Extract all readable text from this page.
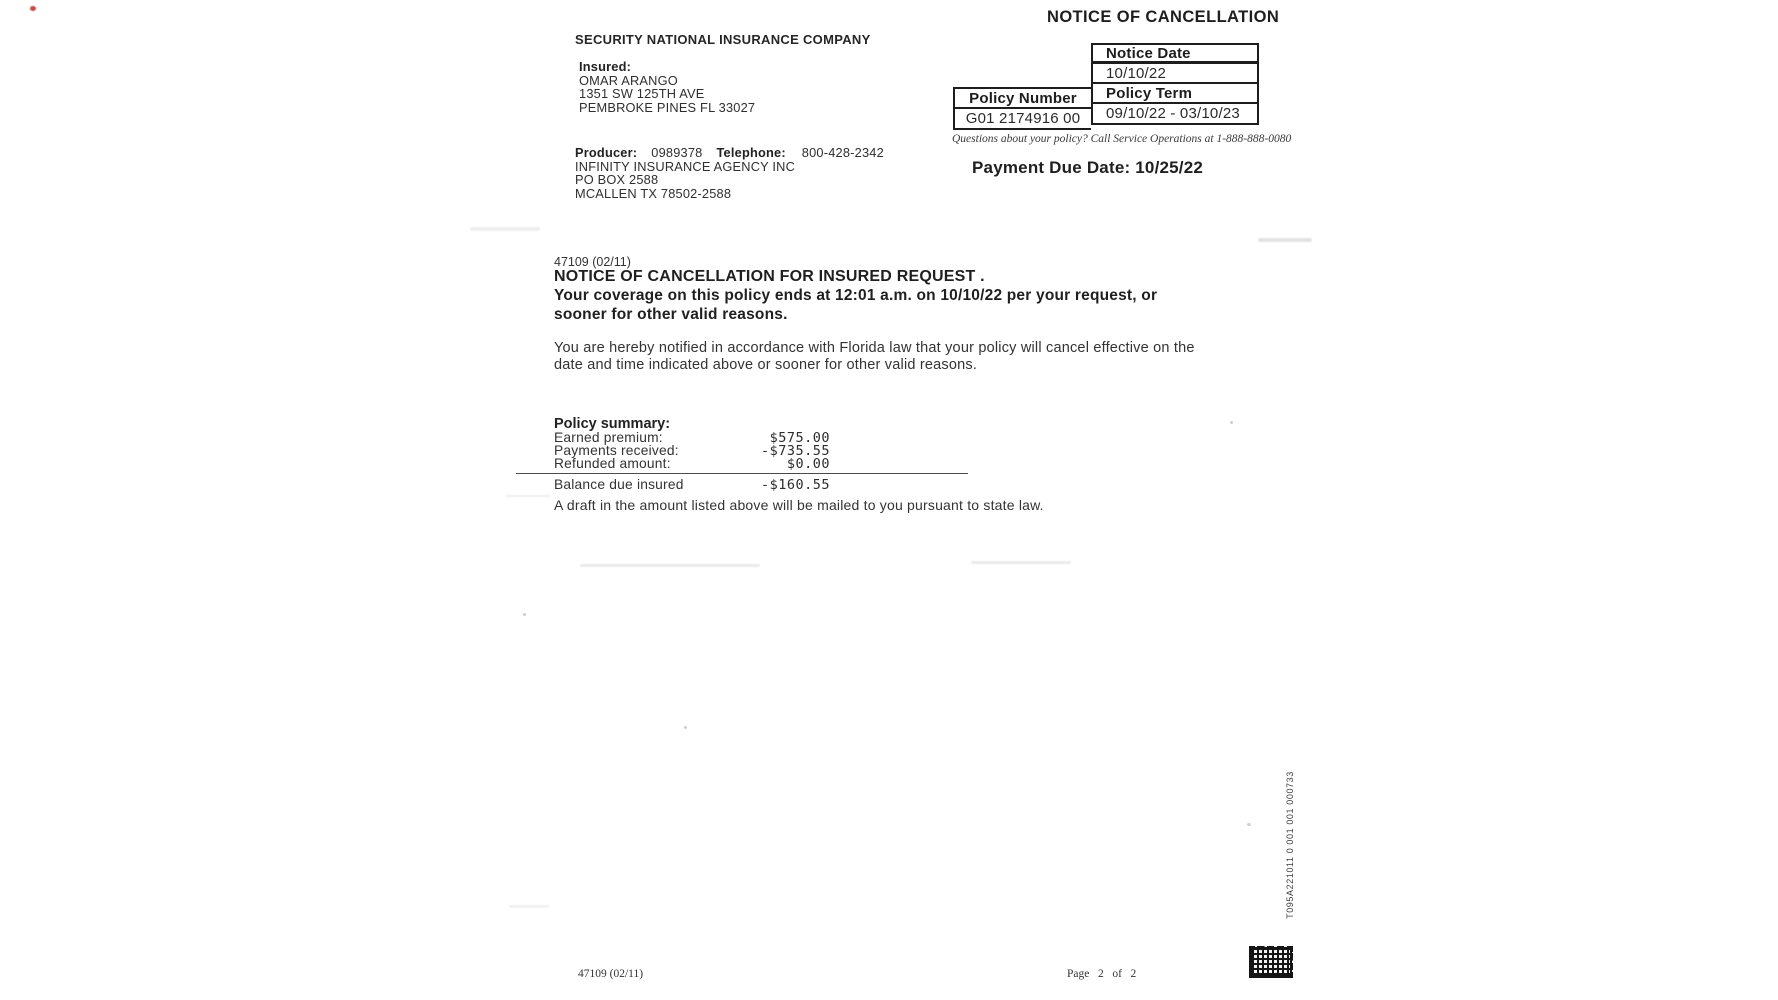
NOTICE OF CANCELLATION
SECURITY NATIONAL INSURANCE COMPANY
Insured:
OMAR ARANGO
1351 SW 125TH AVE
PEMBROKE PINES FL 33027
Producer: 0989378 Telephone: 800-428-2342
INFINITY INSURANCE AGENCY INC
PO BOX 2588
MCALLEN TX 78502-2588
Notice Date
10/10/22
Policy Term
09/10/22 - 03/10/23
Policy Number
G01 2174916 00
Questions about your policy? Call Service Operations at 1-888-888-0080
Payment Due Date: 10/25/22
47109 (02/11)
NOTICE OF CANCELLATION FOR INSURED REQUEST .
Your coverage on this policy ends at 12:01 a.m. on 10/10/22 per your request, or
sooner for other valid reasons.
You are hereby notified in accordance with Florida law that your policy will cancel effective on the
date and time indicated above or sooner for other valid reasons.
Policy summary:
Earned premium:	$575.00
Payments received:	-$735.55
Refunded amount:	$0.00
Balance due insured	-$160.55
A draft in the amount listed above will be mailed to you pursuant to state law.
47109 (02/11)	Page   2   of   2
T095A221011 0 001 001 000733
